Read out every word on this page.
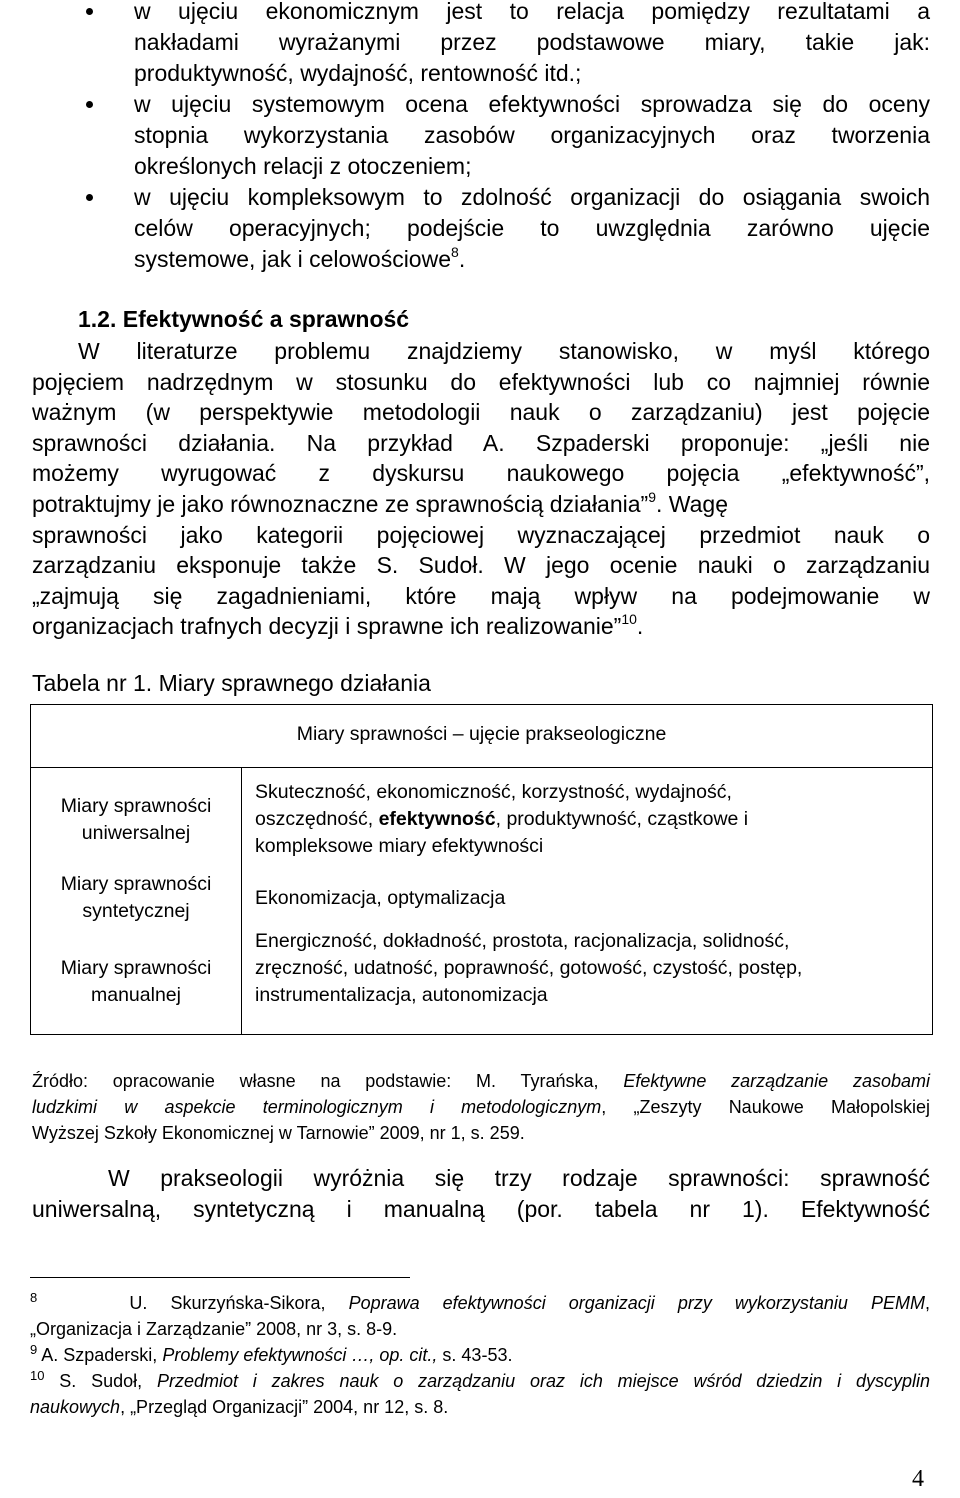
w ujęciu ekonomicznym jest to relacja pomiędzy rezultatami a
nakładami wyrażanymi przez podstawowe miary, takie jak:
produktywność, wydajność, rentowność itd.;
w ujęciu systemowym ocena efektywności sprowadza się do oceny
stopnia wykorzystania zasobów organizacyjnych oraz tworzenia
określonych relacji z otoczeniem;
w ujęciu kompleksowym to zdolność organizacji do osiągania swoich
celów operacyjnych; podejście to uwzględnia zarówno ujęcie
systemowe, jak i celowościowe$^8$.
1.2. Efektywność a sprawność
W literaturze problemu znajdziemy stanowisko, w myśl którego
pojęciem nadrzędnym w stosunku do efektywności lub co najmniej równie
ważnym (w perspektywie metodologii nauk o zarządzaniu) jest pojęcie
sprawności działania. Na przykład A. Szpaderski proponuje: „jeśli nie
możemy wyrugować z dyskursu naukowego pojęcia „efektywność”,
potraktujmy je jako równoznaczne ze sprawnością działania”$^9$. Wagę
sprawności jako kategorii pojęciowej wyznaczającej przedmiot nauk o
zarządzaniu eksponuje także S. Sudoł. W jego ocenie nauki o zarządzaniu
„zajmują się zagadnieniami, które mają wpływ na podejmowanie w
organizacjach trafnych decyzji i sprawne ich realizowanie”$^{10}$.
Tabela nr 1. Miary sprawnego działania
Miary sprawności – ujęcie prakseologiczne
Miary sprawności
uniwersalnej
Skuteczność, ekonomiczność, korzystność, wydajność,
oszczędność, efektywność, produktywność, cząstkowe i
kompleksowe miary efektywności
Miary sprawności
syntetycznej
Ekonomizacja, optymalizacja
Miary sprawności
manualnej
Energiczność, dokładność, prostota, racjonalizacja, solidność,
zręczność, udatność, poprawność, gotowość, czystość, postęp,
instrumentalizacja, autonomizacja
Źródło: opracowanie własne na podstawie: M. Tyrańska, Efektywne zarządzanie zasobami
ludzkimi w aspekcie terminologicznym i metodologicznym, „Zeszyty Naukowe Małopolskiej
Wyższej Szkoły Ekonomicznej w Tarnowie” 2009, nr 1, s. 259.
W prakseologii wyróżnia się trzy rodzaje sprawności: sprawność
uniwersalną, syntetyczną i manualną (por. tabela nr 1). Efektywność
$^8$	U. Skurzyńska-Sikora, Poprawa efektywności organizacji przy wykorzystaniu PEMM,
„Organizacja i Zarządzanie” 2008, nr 3, s. 8-9.
$^9$ A. Szpaderski, Problemy efektywności …, op. cit., s. 43-53.
$^{10}$ S. Sudoł, Przedmiot i zakres nauk o zarządzaniu oraz ich miejsce wśród dziedzin i dyscyplin
naukowych, „Przegląd Organizacji” 2004, nr 12, s. 8.
4
